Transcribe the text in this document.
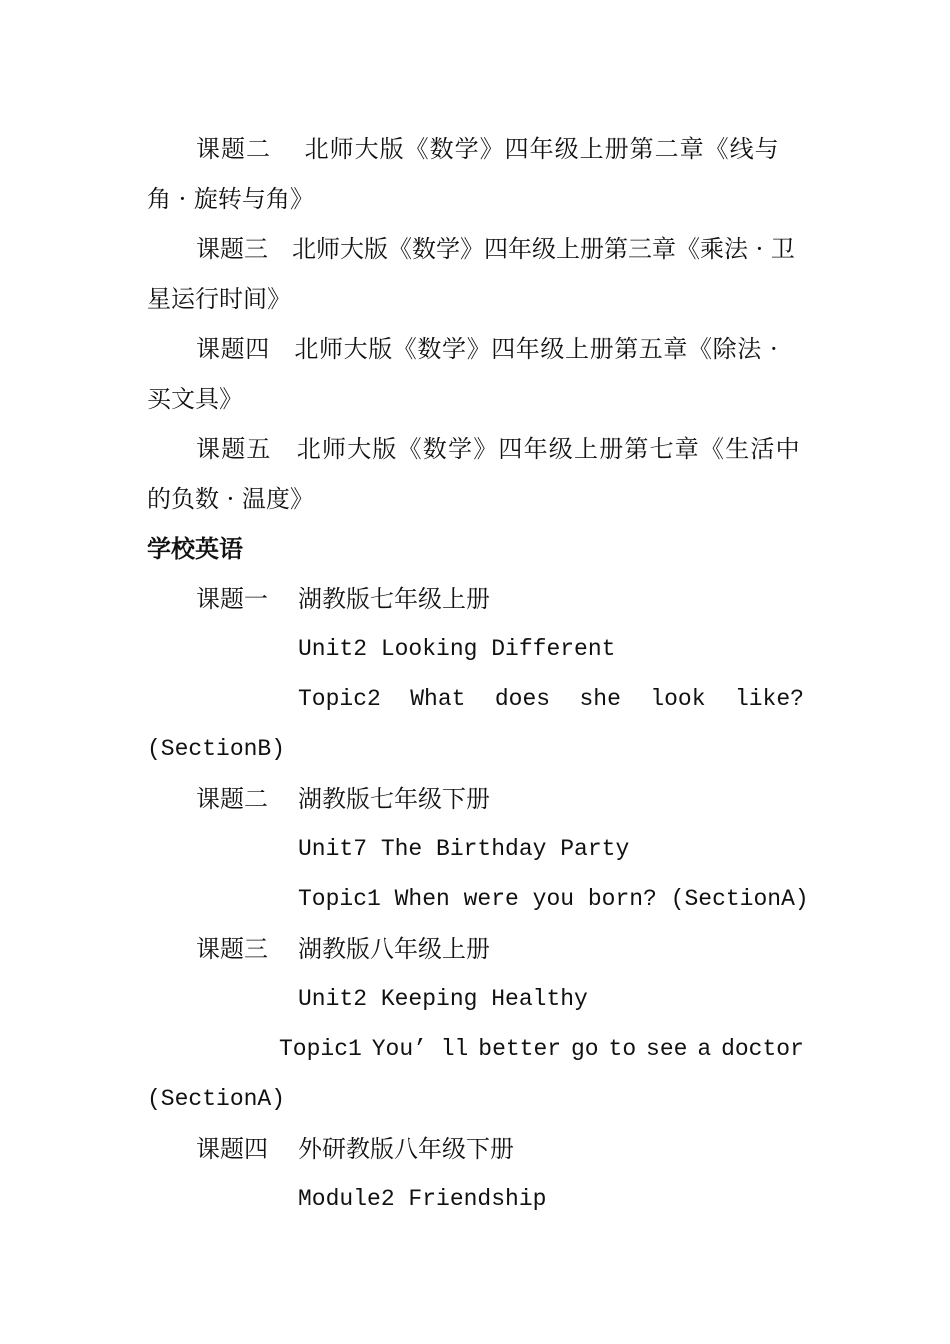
课题二　 北师大版《数学》四年级上册第二章《线与
角 · 旋转与角》
课题三　北师大版《数学》四年级上册第三章《乘法 · 卫
星运行时间》
课题四　北师大版《数学》四年级上册第五章《除法 ·
买文具》
课题五　北师大版《数学》四年级上册第七章《生活中
的负数 · 温度》
学校英语
课题一 湖教版七年级上册
Unit2 Looking Different
Topic2 What does she look like?
(SectionB)
课题二 湖教版七年级下册
Unit7 The Birthday Party
Topic1 When were you born? (SectionA)
课题三 湖教版八年级上册
Unit2 Keeping Healthy
Topic1 You’ ll better go to see a doctor
(SectionA)
课题四 外研教版八年级下册
Module2 Friendship
